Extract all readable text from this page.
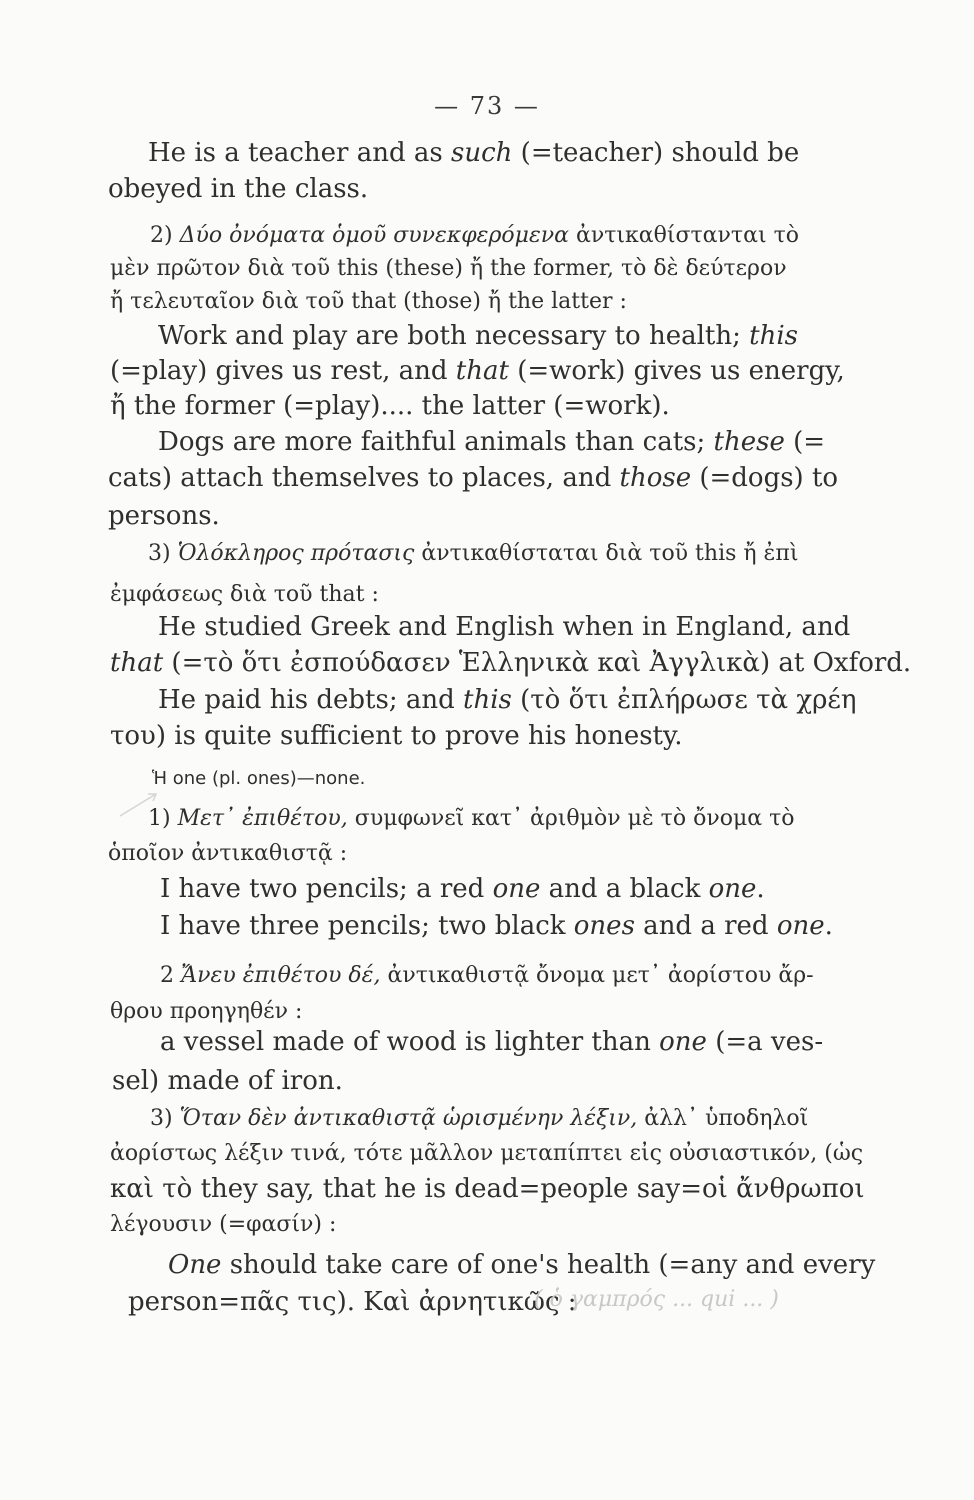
— 73 —
He is a teacher and as such (=teacher) should be
obeyed in the class.
2) Δύο ὀνόματα ὁμοῦ συνεκφερόμενα ἀντικαθίστανται τὸ
μὲν πρῶτον διὰ τοῦ this (these) ἤ the former, τὸ δὲ δεύτερον
ἤ τελευταῖον διὰ τοῦ that (those) ἤ the latter :
Work and play are both necessary to health; this
(=play) gives us rest, and that (=work) gives us energy,
ἤ the former (=play).... the latter (=work).
Dogs are more faithful animals than cats; these (=
cats) attach themselves to places, and those (=dogs) to
persons.
3) Ὁλόκληρος πρότασις ἀντικαθίσταται διὰ τοῦ this ἤ ἐπὶ
ἐμφάσεως διὰ τοῦ that :
He studied Greek and English when in England, and
that (=τὸ ὅτι ἐσπούδασεν Ἑλληνικὰ καὶ Ἀγγλικὰ) at Oxford.
He paid his debts; and this (τὸ ὅτι ἐπλήρωσε τὰ χρέη
του) is quite sufficient to prove his honesty.
Ἡ one (pl. ones)—none.
1) Μετ᾽ ἐπιθέτου, συμφωνεῖ κατ᾽ ἀριθμὸν μὲ τὸ ὄνομα τὸ
ὁποῖον ἀντικαθιστᾷ :
I have two pencils; a red one and a black one.
I have three pencils; two black ones and a red one.
2 Ἄνευ ἐπιθέτου δέ, ἀντικαθιστᾷ ὄνομα μετ᾽ ἀορίστου ἄρ-
θρου προηγηθέν :
a vessel made of wood is lighter than one (=a ves-
sel) made of iron.
3) Ὅταν δὲν ἀντικαθιστᾷ ὡρισμένην λέξιν, ἀλλ᾽ ὑποδηλοῖ
ἀορίστως λέξιν τινά, τότε μᾶλλον μεταπίπτει εἰς οὐσιαστικόν, (ὡς
καὶ τὸ they say, that he is dead=people say=οἱ ἄνθρωποι
λέγουσιν (=φασίν) :
One should take care of one's health (=any and every
person=πᾶς τις). Καὶ ἀρνητικῶς :
( ὁ γαμπρός ... qui ... )
